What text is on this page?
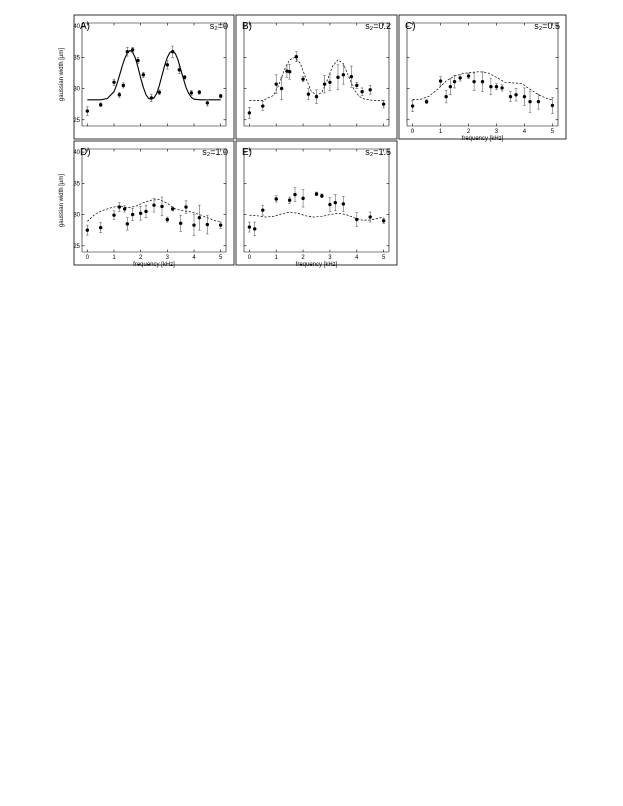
25
30
35
40
gaussian width [µm]
A)	s₂=0 B)	s₂=0.2
0	1	2	3	4	5
frequency [kHz]
C)	s₂=0.5
0	1	2	3	4	5
25
30
35
40
gaussian width [µm]
frequency [kHz]
D)	s₂=1.0
0	1	2	3	4	5
frequency [kHz]
E)	s₂=1.5
